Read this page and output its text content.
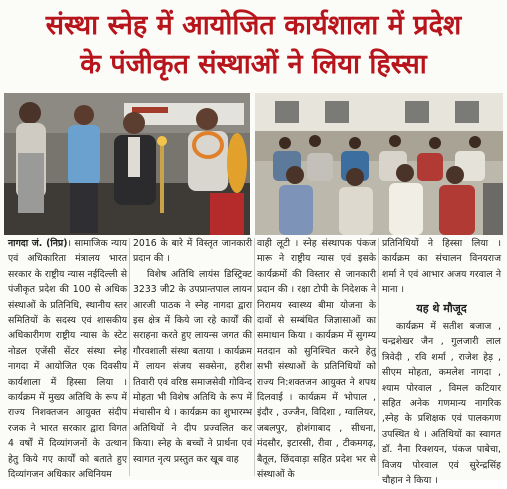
संस्था स्नेह में आयोजित कार्यशाला में प्रदेश
के पंजीकृत संस्थाओं ने लिया हिस्सा

नागदा जं. (निप्र)। सामाजिक न्याय एवं अधिकारिता मंत्रालय भारत सरकार के राष्ट्रीय न्यास नईदिल्ली से पंजीकृत प्रदेश की 100 से अधिक संस्थाओं के प्रतिनिधि, स्थानीय स्तर समितियों के सदस्य एवं शासकीय अधिकारीगण राष्ट्रीय न्यास के स्टेट नोडल एजेंसी सेंटर संस्था स्नेह नागदा में आयोजित एक दिवसीय कार्यशाला में हिस्सा लिया । कार्यक्रम में मुख्य अतिथि के रूप में राज्य निशक्तजन आयुक्त संदीप रजक ने भारत सरकार द्वारा विगत 4 वर्षों में दिव्यांगजनों के उत्थान हेतु किये गए कार्यों को बताते हुए दिव्यांगजन अधिकार अधिनियम

2016 के बारे में विस्तृत जानकारी प्रदान की ।

विशेष अतिथि लायंस डिस्ट्रिक्ट 3233 जी2 के उपप्रान्तपाल लायन आरजी पाठक ने स्नेह नागदा द्वारा इस क्षेत्र में किये जा रहे कार्यों की सराहना करते हुए लायन्स जगत की गौरवशाली संस्था बताया । कार्यक्रम में लायन संजय सक्सेना, हरीश तिवारी एवं वरिष्ठ समाजसेवी गोविन्द मोहता भी विशेष अतिथि के रूप में मंचासीन थे । कार्यक्रम का शुभारम्भ अतिथियों ने दीप प्रज्वलित कर किया। स्नेह के बच्चों ने प्रार्थना एवं स्वागत नृत्य प्रस्तुत कर खूब वाह

वाही लूटी । स्नेह संस्थापक पंकज मारू ने राष्ट्रीय न्यास एवं इसके कार्यक्रमों की विस्तार से जानकारी प्रदान की । रक्षा टोपी के निदेशक ने निरामय स्वास्थ्य बीमा योजना के दावों से सम्बंधित जिज्ञासाओं का समाधान किया । कार्यक्रम में सुगम्य मतदान को सुनिश्चित करने हेतु सभी संस्थाओं के प्रतिनिधियों को राज्य नि:शक्तजन आयुक्त ने शपथ दिलवाई । कार्यक्रम में भोपाल , इंदौर , उज्जैन, विदिशा , ग्वालियर, जबलपुर, होशंगाबाद , सीधना, मंदसौर, इटारसी, रीवा , टीकमगढ़, बैतूल, छिंदवाड़ा सहित प्रदेश भर से संस्थाओं के

प्रतिनिधियों ने हिस्सा लिया । कार्यक्रम का संचालन विनयराज शर्मा ने एवं आभार अजय गरवाल ने माना ।

यह थे मौजूद

कार्यक्रम में सतीश बजाज , चन्द्रशेखर जैन , गुलजारी लाल त्रिवेदी , रवि शर्मा , राजेश हेड़ , सीएम मोहता, कमलेश नागदा , श्याम पोरवाल , विमल कटियार सहित अनेक गणमान्य नागरिक ,स्नेह के प्रशिक्षक एवं पालकगण उपस्थित थे । अतिथियों का स्वागत डॉ. नैना रिक्शयन, पंकज पाबेचा, विजय पोरवाल एवं सुरेन्द्रसिंह चौहान ने किया ।
